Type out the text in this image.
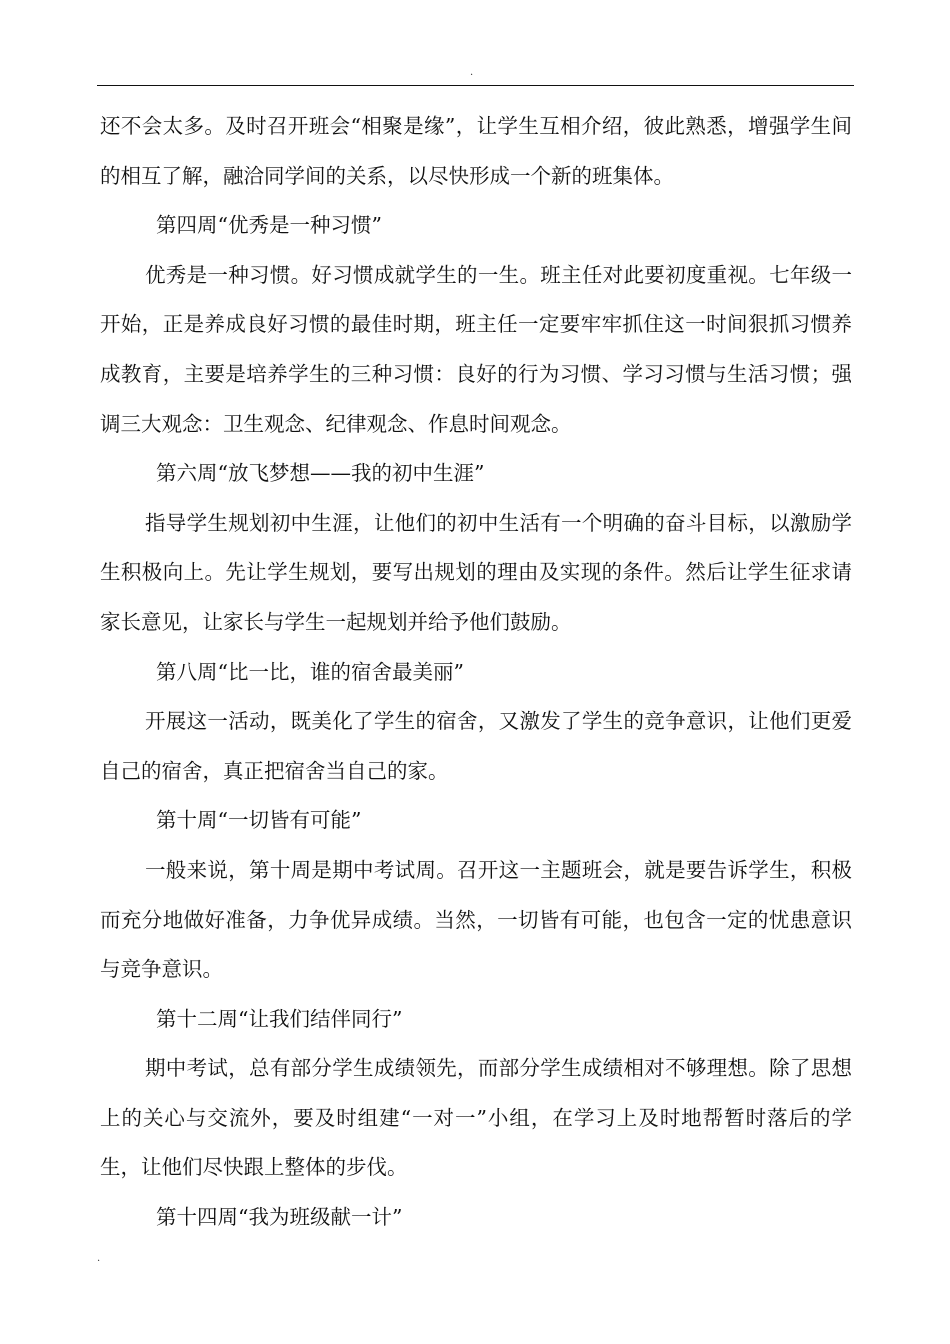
.

还不会太多。及时召开班会“相聚是缘”，让学生互相介绍，彼此熟悉，增强学生间的相互了解，融洽同学间的关系，以尽快形成一个新的班集体。

第四周“优秀是一种习惯”

优秀是一种习惯。好习惯成就学生的一生。班主任对此要初度重视。七年级一开始，正是养成良好习惯的最佳时期，班主任一定要牢牢抓住这一时间狠抓习惯养成教育，主要是培养学生的三种习惯：良好的行为习惯、学习习惯与生活习惯；强调三大观念：卫生观念、纪律观念、作息时间观念。

第六周“放飞梦想——我的初中生涯”

指导学生规划初中生涯，让他们的初中生活有一个明确的奋斗目标，以激励学生积极向上。先让学生规划，要写出规划的理由及实现的条件。然后让学生征求请家长意见，让家长与学生一起规划并给予他们鼓励。

第八周“比一比，谁的宿舍最美丽”

开展这一活动，既美化了学生的宿舍，又激发了学生的竞争意识，让他们更爱自己的宿舍，真正把宿舍当自己的家。

第十周“一切皆有可能”

一般来说，第十周是期中考试周。召开这一主题班会，就是要告诉学生，积极而充分地做好准备，力争优异成绩。当然，一切皆有可能，也包含一定的忧患意识与竞争意识。

第十二周“让我们结伴同行”

期中考试，总有部分学生成绩领先，而部分学生成绩相对不够理想。除了思想上的关心与交流外，要及时组建“一对一”小组，在学习上及时地帮暂时落后的学生，让他们尽快跟上整体的步伐。

第十四周“我为班级献一计”

.
